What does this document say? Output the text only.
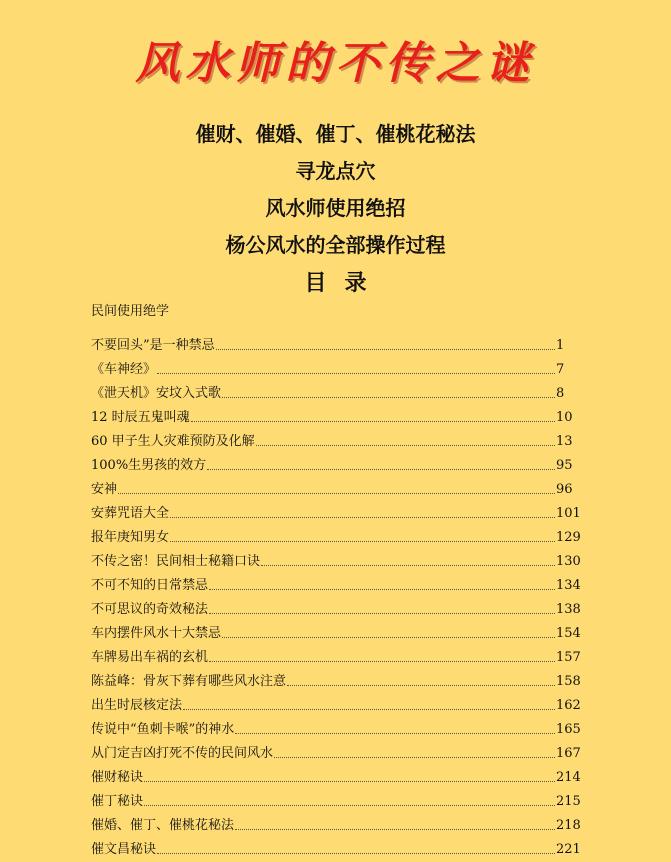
风水师的不传之谜
催财、催婚、催丁、催桃花秘法
寻龙点穴
风水师使用绝招
杨公风水的全部操作过程
目录
民间使用绝学
不要回头”是一种禁忌	1
《车神经》	7
《泄天机》安坟入式歌	8
12 时辰五鬼叫魂	10
60 甲子生人灾难预防及化解	13
100%生男孩的效方	95
安神	96
安葬咒语大全	101
报年庚知男女	129
不传之密！民间相士秘籍口诀	130
不可不知的日常禁忌	134
不可思议的奇效秘法	138
车内摆件风水十大禁忌	154
车牌易出车祸的玄机	157
陈益峰：骨灰下葬有哪些风水注意	158
出生时辰核定法	162
传说中“鱼刺卡喉”的神水	165
从门定吉凶打死不传的民间风水	167
催财秘诀	214
催丁秘诀	215
催婚、催丁、催桃花秘法	218
催文昌秘诀	221
